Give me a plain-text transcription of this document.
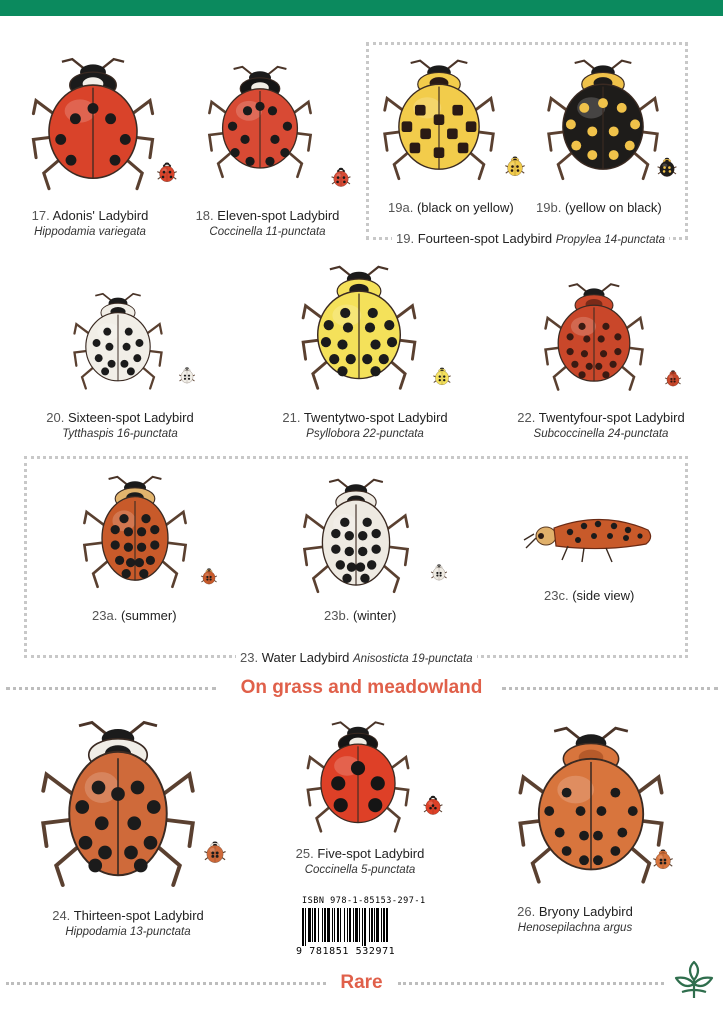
17. Adonis' Ladybird
Hippodamia variegata
18. Eleven-spot Ladybird
Coccinella 11-punctata
19a. (black on yellow) 19b. (yellow on black)
19. Fourteen-spot Ladybird Propylea 14-punctata
20. Sixteen-spot Ladybird
Tytthaspis 16-punctata
21. Twentytwo-spot Ladybird
Psyllobora 22-punctata
22. Twentyfour-spot Ladybird
Subcoccinella 24-punctata
23a. (summer)	23b. (winter)
23c. (side view)
23. Water Ladybird Anisosticta 19-punctata
On grass and meadowland
24. Thirteen-spot Ladybird
Hippodamia 13-punctata
25. Five-spot Ladybird
Coccinella 5-punctata
26. Bryony Ladybird
Henosepilachna argus
ISBN 978-1-85153-297-1
9 781851 532971
Rare
